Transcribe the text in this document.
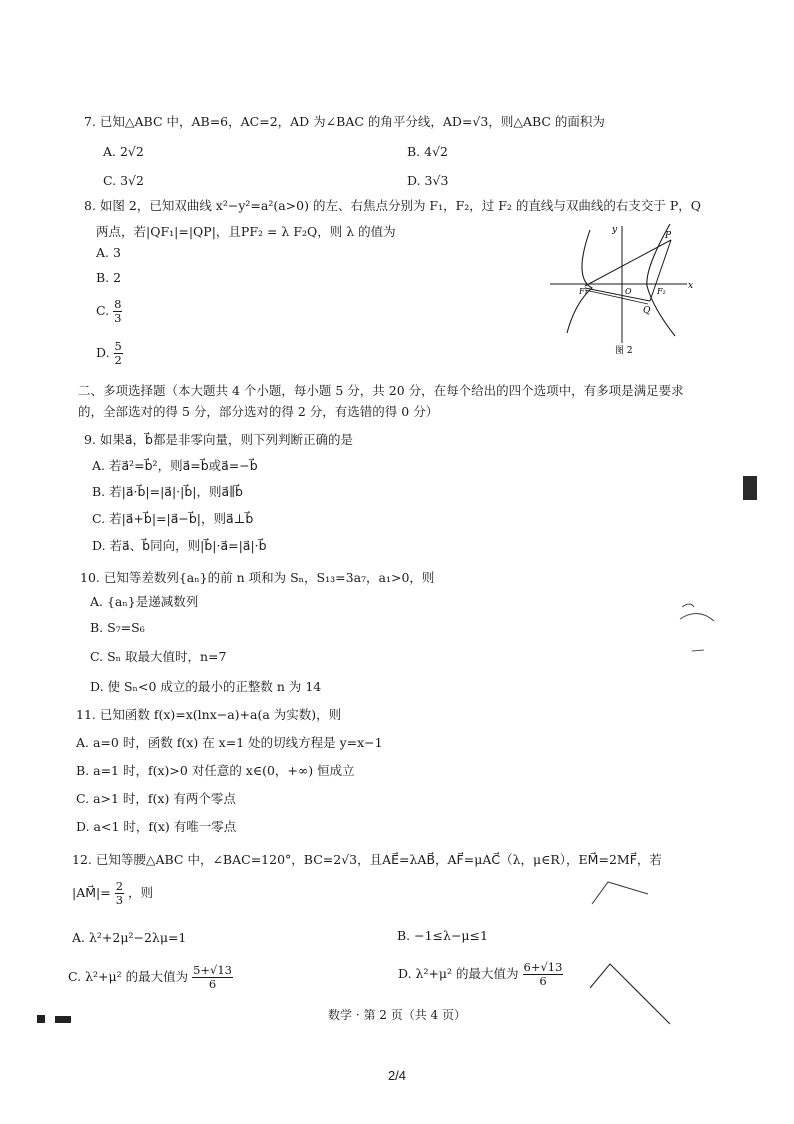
7. 已知△ABC 中，AB=6，AC=2，AD 为∠BAC 的角平分线，AD=√3，则△ABC 的面积为
A. 2√2	B. 4√2
C. 3√2	D. 3√3
8. 如图 2，已知双曲线 x²−y²=a²(a>0) 的左、右焦点分别为 F₁，F₂，过 F₂ 的直线与双曲线的右支交于 P，Q
两点，若|QF₁|=|QP|，且PF₂ = λ F₂Q，则 λ 的值为
A. 3
B. 2
C. $\frac{8}{3}$
D. $\frac{5}{2}$
y
P
F₁	O	F₂
x
Q
图 2
二、多项选择题（本大题共 4 个小题，每小题 5 分，共 20 分，在每个给出的四个选项中，有多项是满足要求的，全部选对的得 5 分，部分选对的得 2 分，有选错的得 0 分）
9. 如果a⃗，b⃗都是非零向量，则下列判断正确的是
A. 若a⃗²=b⃗²，则a⃗=b⃗或a⃗=−b⃗
B. 若|a⃗·b⃗|=|a⃗|·|b⃗|，则a⃗∥b⃗
C. 若|a⃗+b⃗|=|a⃗−b⃗|，则a⃗⊥b⃗
D. 若a⃗、b⃗同向，则|b⃗|·a⃗=|a⃗|·b⃗
10. 已知等差数列{aₙ}的前 n 项和为 Sₙ，S₁₃=3a₇，a₁>0，则
A. {aₙ}是递减数列
B. S₇=S₆
C. Sₙ 取最大值时，n=7
D. 使 Sₙ<0 成立的最小的正整数 n 为 14
11. 已知函数 f(x)=x(lnx−a)+a(a 为实数)，则
A. a=0 时，函数 f(x) 在 x=1 处的切线方程是 y=x−1
B. a=1 时，f(x)>0 对任意的 x∈(0，+∞) 恒成立
C. a>1 时，f(x) 有两个零点
D. a<1 时，f(x) 有唯一零点
12. 已知等腰△ABC 中，∠BAC=120°，BC=2√3，且AE⃗=λAB⃗，AF⃗=μAC⃗（λ，μ∈R），EM⃗=2MF⃗，若
|AM⃗|= $\frac{2}{3}$ ，则
A. λ²+2μ²−2λμ=1	B. −1≤λ−μ≤1
C. λ²+μ² 的最大值为 $\frac{5+√13}{6}$	D. λ²+μ² 的最大值为 $\frac{6+√13}{6}$
数学 · 第 2 页（共 4 页）
2/4
